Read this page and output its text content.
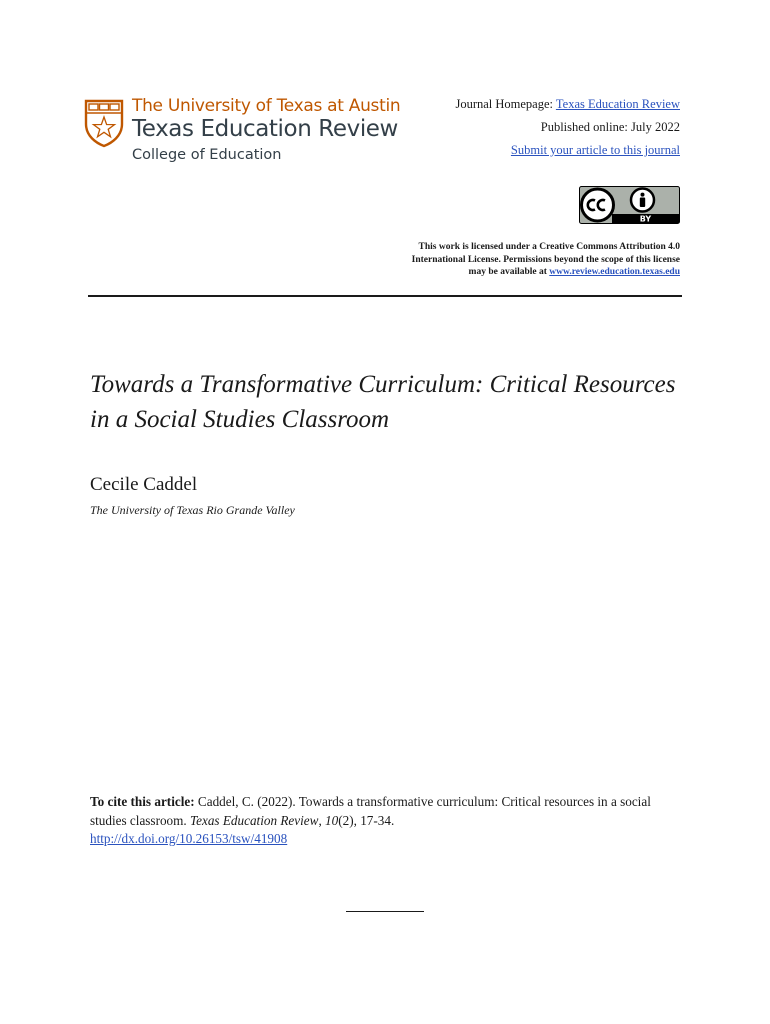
The University of Texas at Austin
Texas Education Review
College of Education
Journal Homepage: Texas Education Review
Published online: July 2022
Submit your article to this journal
BY
This work is licensed under a Creative Commons Attribution 4.0
International License. Permissions beyond the scope of this license
may be available at www.review.education.texas.edu
Towards a Transformative Curriculum: Critical Resources
in a Social Studies Classroom
Cecile Caddel
The University of Texas Rio Grande Valley
To cite this article: Caddel, C. (2022). Towards a transformative curriculum: Critical resources in a social studies classroom. Texas Education Review, 10(2), 17-34.
http://dx.doi.org/10.26153/tsw/41908
